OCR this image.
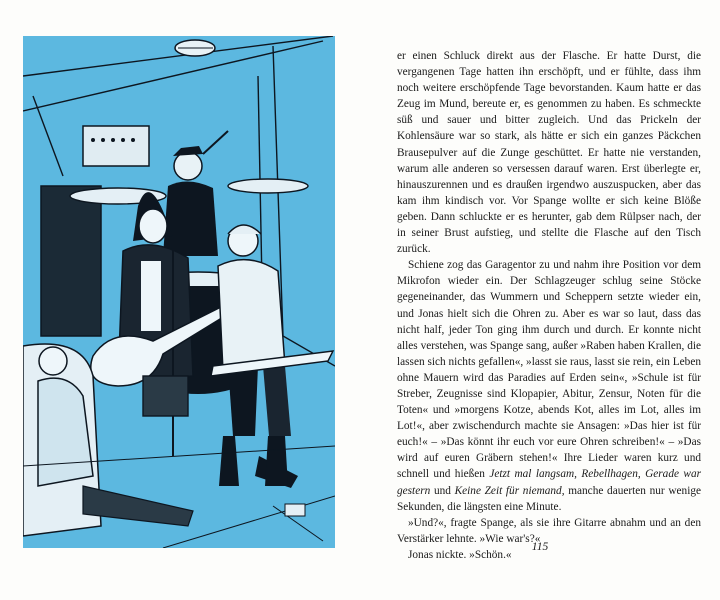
er einen Schluck direkt aus der Flasche. Er hatte Durst, die vergangenen Tage hatten ihn erschöpft, und er fühlte, dass ihm noch weitere erschöpfende Tage bevorstanden. Kaum hatte er das Zeug im Mund, bereute er, es genommen zu haben. Es schmeckte süß und sauer und bitter zugleich. Und das Prickeln der Kohlensäure war so stark, als hätte er sich ein ganzes Päckchen Brausepulver auf die Zunge geschüttet. Er hatte nie verstanden, warum alle anderen so versessen darauf waren. Erst überlegte er, hinauszurennen und es draußen irgendwo auszuspucken, aber das kam ihm kindisch vor. Vor Spange wollte er sich keine Blöße geben. Dann schluckte er es herunter, gab dem Rülpser nach, der in seiner Brust aufstieg, und stellte die Flasche auf den Tisch zurück.

Schiene zog das Garagentor zu und nahm ihre Position vor dem Mikrofon wieder ein. Der Schlagzeuger schlug seine Stöcke gegeneinander, das Wummern und Scheppern setzte wieder ein, und Jonas hielt sich die Ohren zu. Aber es war so laut, dass das nicht half, jeder Ton ging ihm durch und durch. Er konnte nicht alles verstehen, was Spange sang, außer »Raben haben Krallen, die lassen sich nichts gefallen«, »lasst sie raus, lasst sie rein, ein Leben ohne Mauern wird das Paradies auf Erden sein«, »Schule ist für Streber, Zeugnisse sind Klopapier, Abitur, Zensur, Noten für die Toten« und »morgens Kotze, abends Kot, alles im Lot, alles im Lot!«, aber zwischendurch machte sie Ansagen: »Das hier ist für euch!« – »Das könnt ihr euch vor eure Ohren schreiben!« – »Das wird auf euren Gräbern stehen!« Ihre Lieder waren kurz und schnell und hießen Jetzt mal langsam, Rebellhagen, Gerade war gestern und Keine Zeit für niemand, manche dauerten nur wenige Sekunden, die längsten eine Minute.

»Und?«, fragte Spange, als sie ihre Gitarre abnahm und an den Verstärker lehnte. »Wie war's?«

Jonas nickte. »Schön.«

115
